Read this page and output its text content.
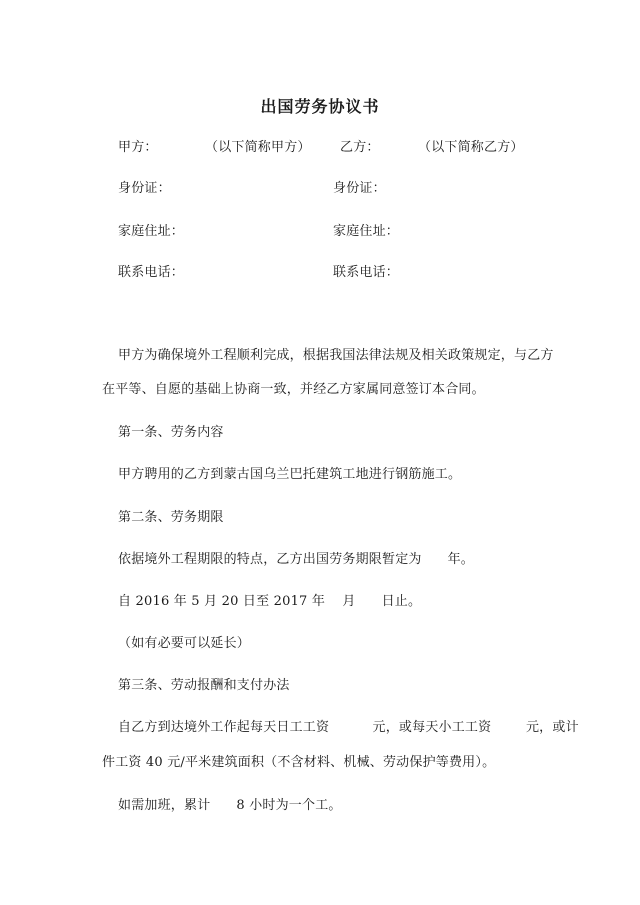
出国劳务协议书
甲方：	（以下简称甲方） 乙方：	（以下简称乙方）
身份证：	身份证：
家庭住址：	家庭住址：
联系电话：	联系电话：
甲方为确保境外工程顺利完成，根据我国法律法规及相关政策规定，与乙方
在平等、自愿的基础上协商一致，并经乙方家属同意签订本合同。
第一条、劳务内容
甲方聘用的乙方到蒙古国乌兰巴托建筑工地进行钢筋施工。
第二条、劳务期限
依据境外工程期限的特点，乙方出国劳务期限暂定为      年。
自 2016 年 5 月 20 日至 2017 年    月      日止。
（如有必要可以延长）
第三条、劳动报酬和支付办法
自乙方到达境外工作起每天日工工资          元，或每天小工工资        元，或计
件工资 40 元/平米建筑面积（不含材料、机械、劳动保护等费用）。
如需加班，累计      8 小时为一个工。
